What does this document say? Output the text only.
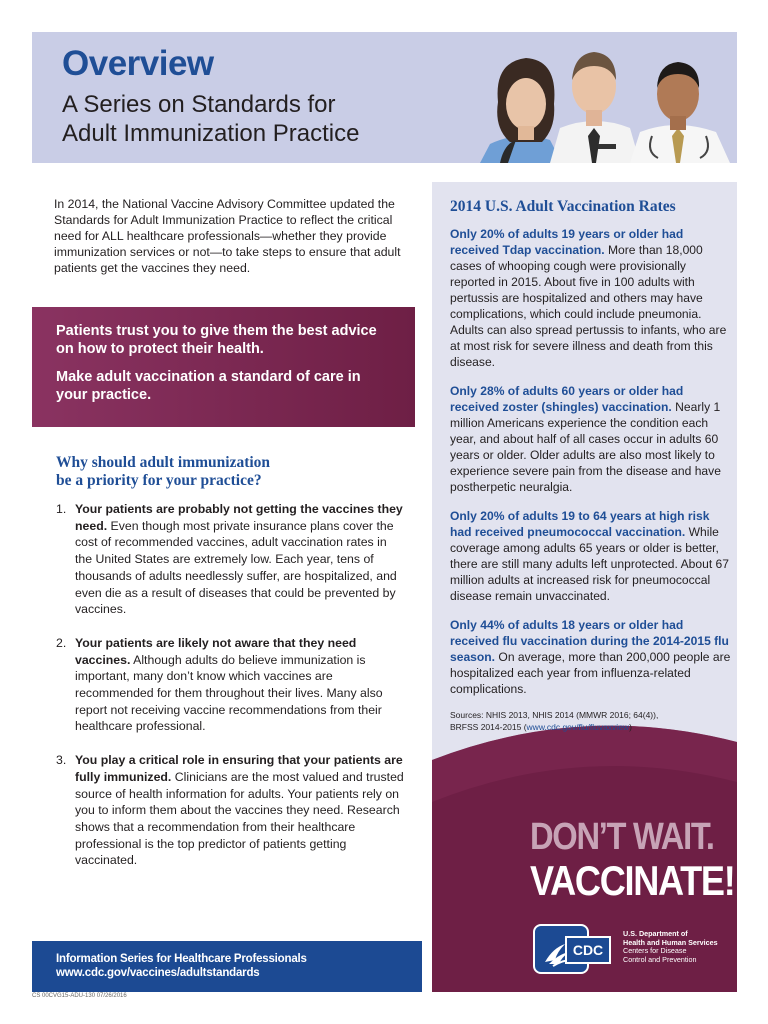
Overview
A Series on Standards for
Adult Immunization Practice
In 2014, the National Vaccine Advisory Committee updated the Standards for Adult Immunization Practice to reflect the critical need for ALL healthcare professionals—whether they provide immunization services or not—to take steps to ensure that adult patients get the vaccines they need.

Patients trust you to give them the best advice on how to protect their health.

Make adult vaccination a standard of care in your practice.

Why should adult immunization
be a priority for your practice?
1. Your patients are probably not getting the vaccines they need. Even though most private insurance plans cover the cost of recommended vaccines, adult vaccination rates in the United States are extremely low. Each year, tens of thousands of adults needlessly suffer, are hospitalized, and even die as a result of diseases that could be prevented by vaccines.
2. Your patients are likely not aware that they need vaccines. Although adults do believe immunization is important, many don’t know which vaccines are recommended for them throughout their lives. Many also report not receiving vaccine recommendations from their healthcare professional.
3. You play a critical role in ensuring that your patients are fully immunized. Clinicians are the most valued and trusted source of health information for adults. Your patients rely on you to inform them about the vaccines they need. Research shows that a recommendation from their healthcare professional is the top predictor of patients getting vaccinated.
Information Series for Healthcare Professionals
www.cdc.gov/vaccines/adultstandards
CS 00CVG15-ADU-130 07/26/2016
2014 U.S. Adult Vaccination Rates
Only 20% of adults 19 years or older had received Tdap vaccination. More than 18,000 cases of whooping cough were provisionally reported in 2015. About five in 100 adults with pertussis are hospitalized and others may have complications, which could include pneumonia. Adults can also spread pertussis to infants, who are at most risk for severe illness and death from this disease.
Only 28% of adults 60 years or older had received zoster (shingles) vaccination. Nearly 1 million Americans experience the condition each year, and about half of all cases occur in adults 60 years or older. Older adults are also most likely to experience severe pain from the disease and have postherpetic neuralgia.
Only 20% of adults 19 to 64 years at high risk had received pneumococcal vaccination. While coverage among adults 65 years or older is better, there are still many adults left unprotected. About 67 million adults at increased risk for pneumococcal disease remain unvaccinated.
Only 44% of adults 18 years or older had received flu vaccination during the 2014-2015 flu season. On average, more than 200,000 people are hospitalized each year from influenza-related complications.
Sources: NHIS 2013, NHIS 2014 (MMWR 2016; 64(4)),
BRFSS 2014-2015 (www.cdc.gov/flu/fluvaxview)
DON’T WAIT.
VACCINATE!
CDC
U.S. Department of
Health and Human Services
Centers for Disease
Control and Prevention
